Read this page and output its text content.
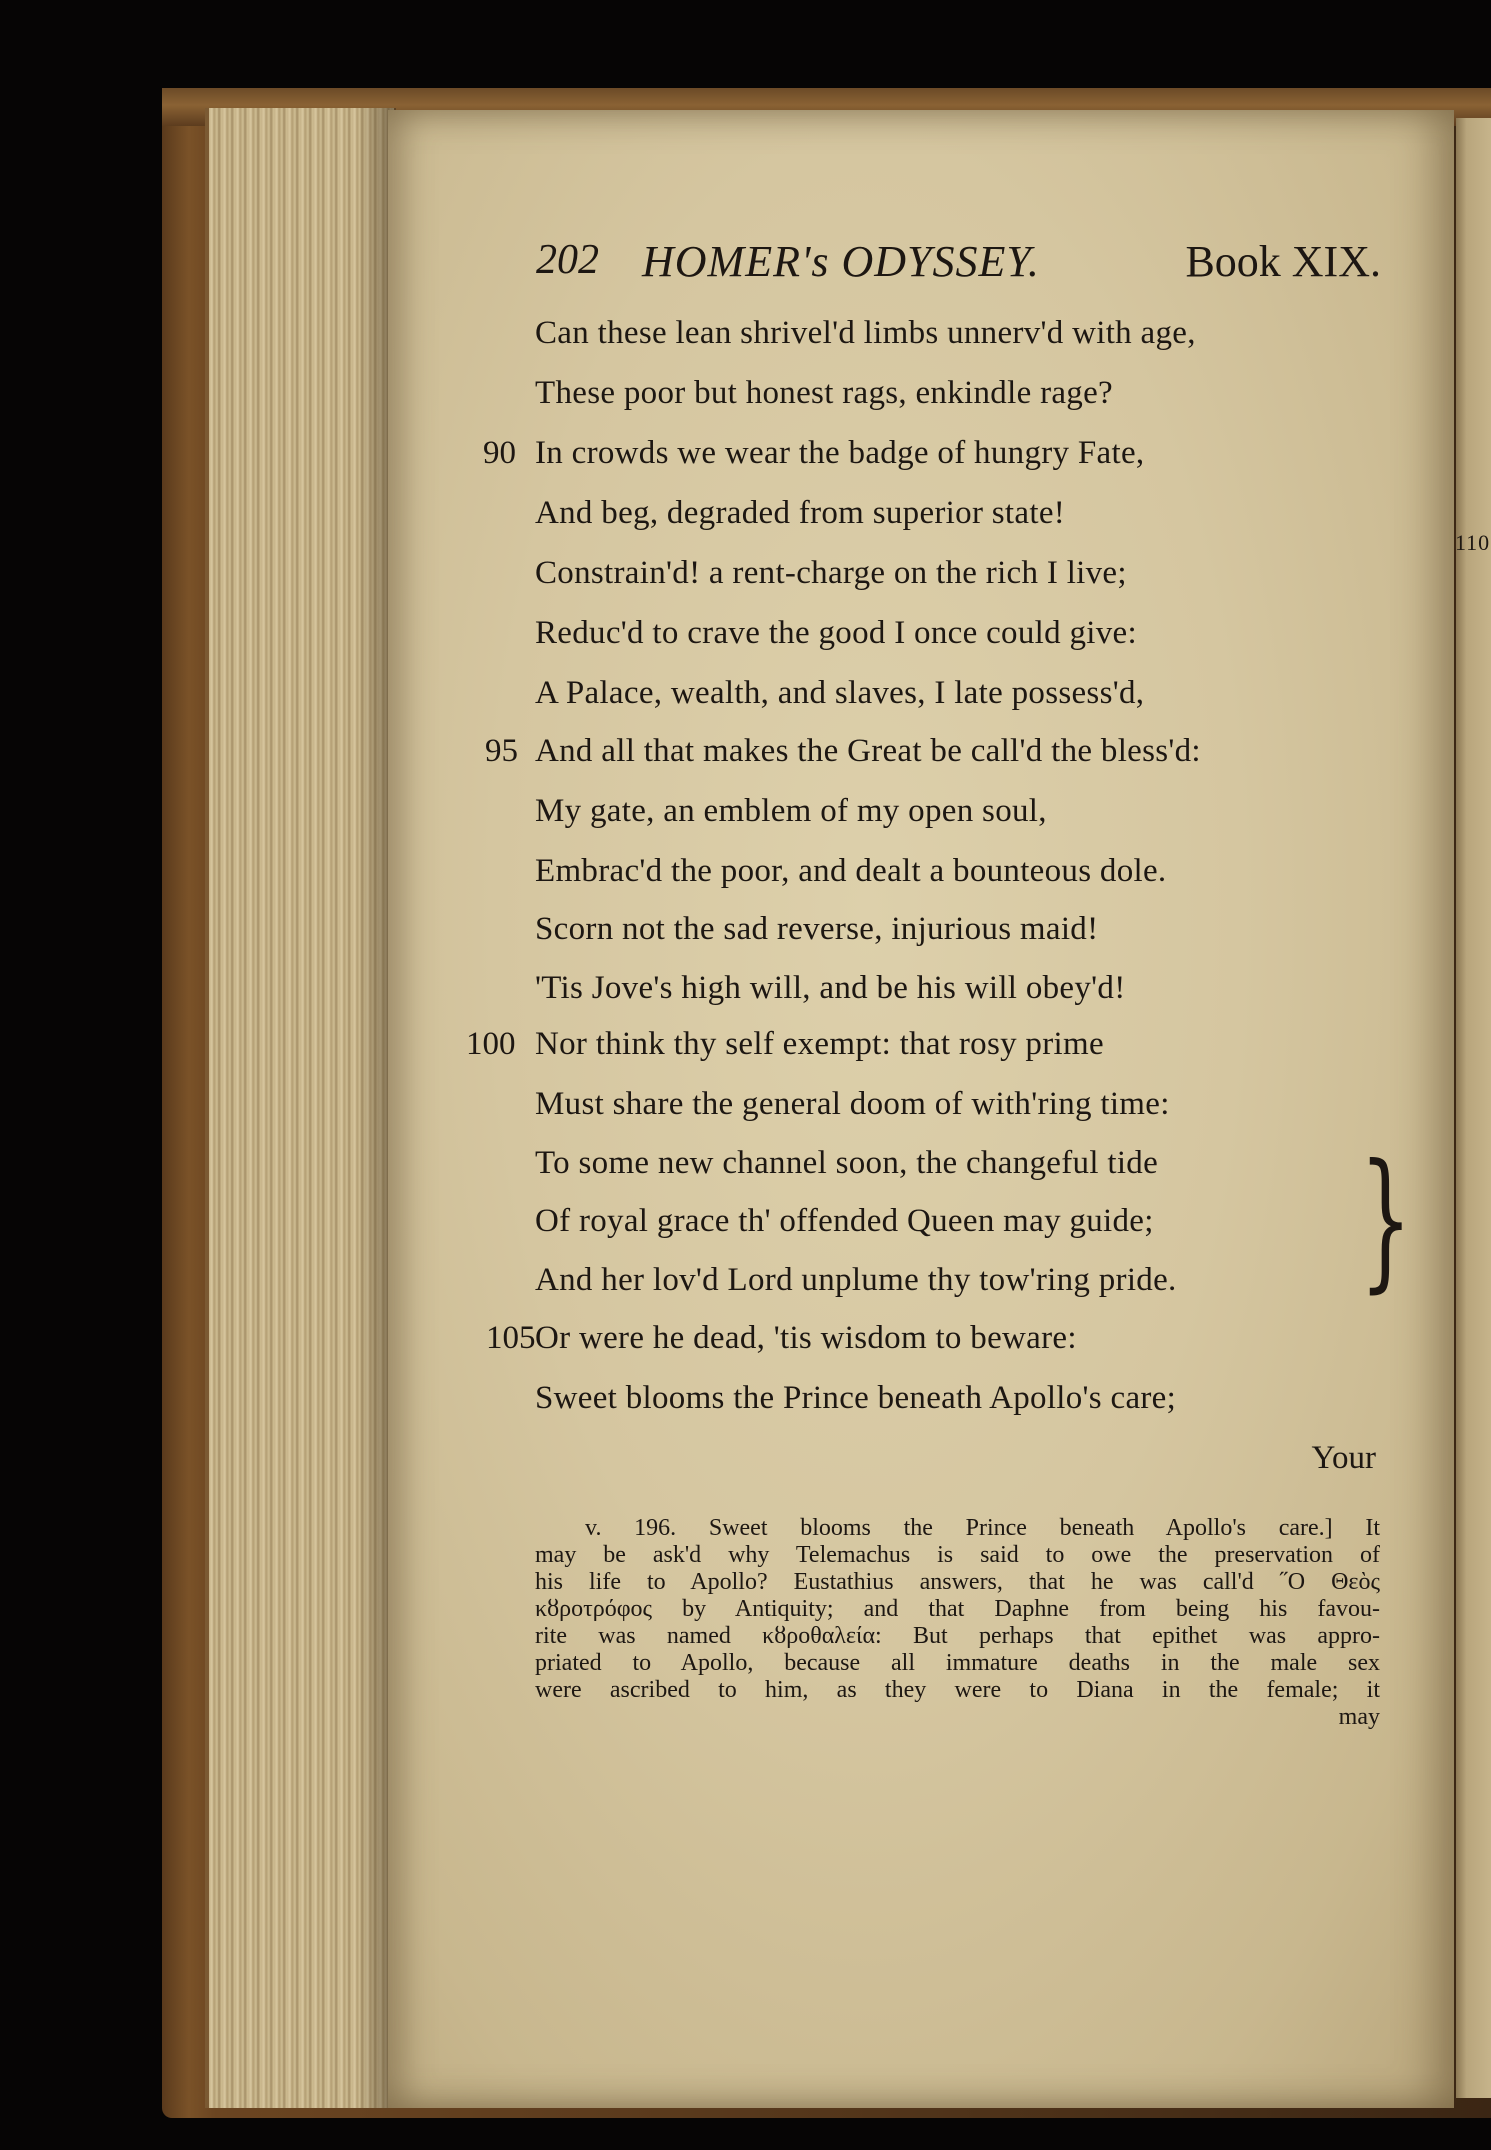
110
202 HOMER's ODYSSEY.	Book XIX.
Can these lean shrivel'd limbs unnerv'd with age,
These poor but honest rags, enkindle rage?
90 In crowds we wear the badge of hungry Fate,
And beg, degraded from superior state!
Constrain'd! a rent-charge on the rich I live;
Reduc'd to crave the good I once could give:
A Palace, wealth, and slaves, I late possess'd,
95 And all that makes the Great be call'd the bless'd:
My gate, an emblem of my open soul,
Embrac'd the poor, and dealt a bounteous dole.
Scorn not the sad reverse, injurious maid!
'Tis Jove's high will, and be his will obey'd!
100 Nor think thy self exempt: that rosy prime
Must share the general doom of with'ring time:
To some new channel soon, the changeful tide
Of royal grace th' offended Queen may guide;
And her lov'd Lord unplume thy tow'ring pride.
105 Or were he dead, 'tis wisdom to beware:
Sweet blooms the Prince beneath Apollo's care;
}
Your
v. 196. Sweet blooms the Prince beneath Apollo's care.] It
may be ask'd why Telemachus is said to owe the preservation of
his life to Apollo? Eustathius answers, that he was call'd ˝Ο Θεὸς
κȣροτρόφος by Antiquity; and that Daphne from being his favou-
rite was named κȣροθαλεία: But perhaps that epithet was appro-
priated to Apollo, because all immature deaths in the male sex
were ascribed to him, as they were to Diana in the female; it
may
